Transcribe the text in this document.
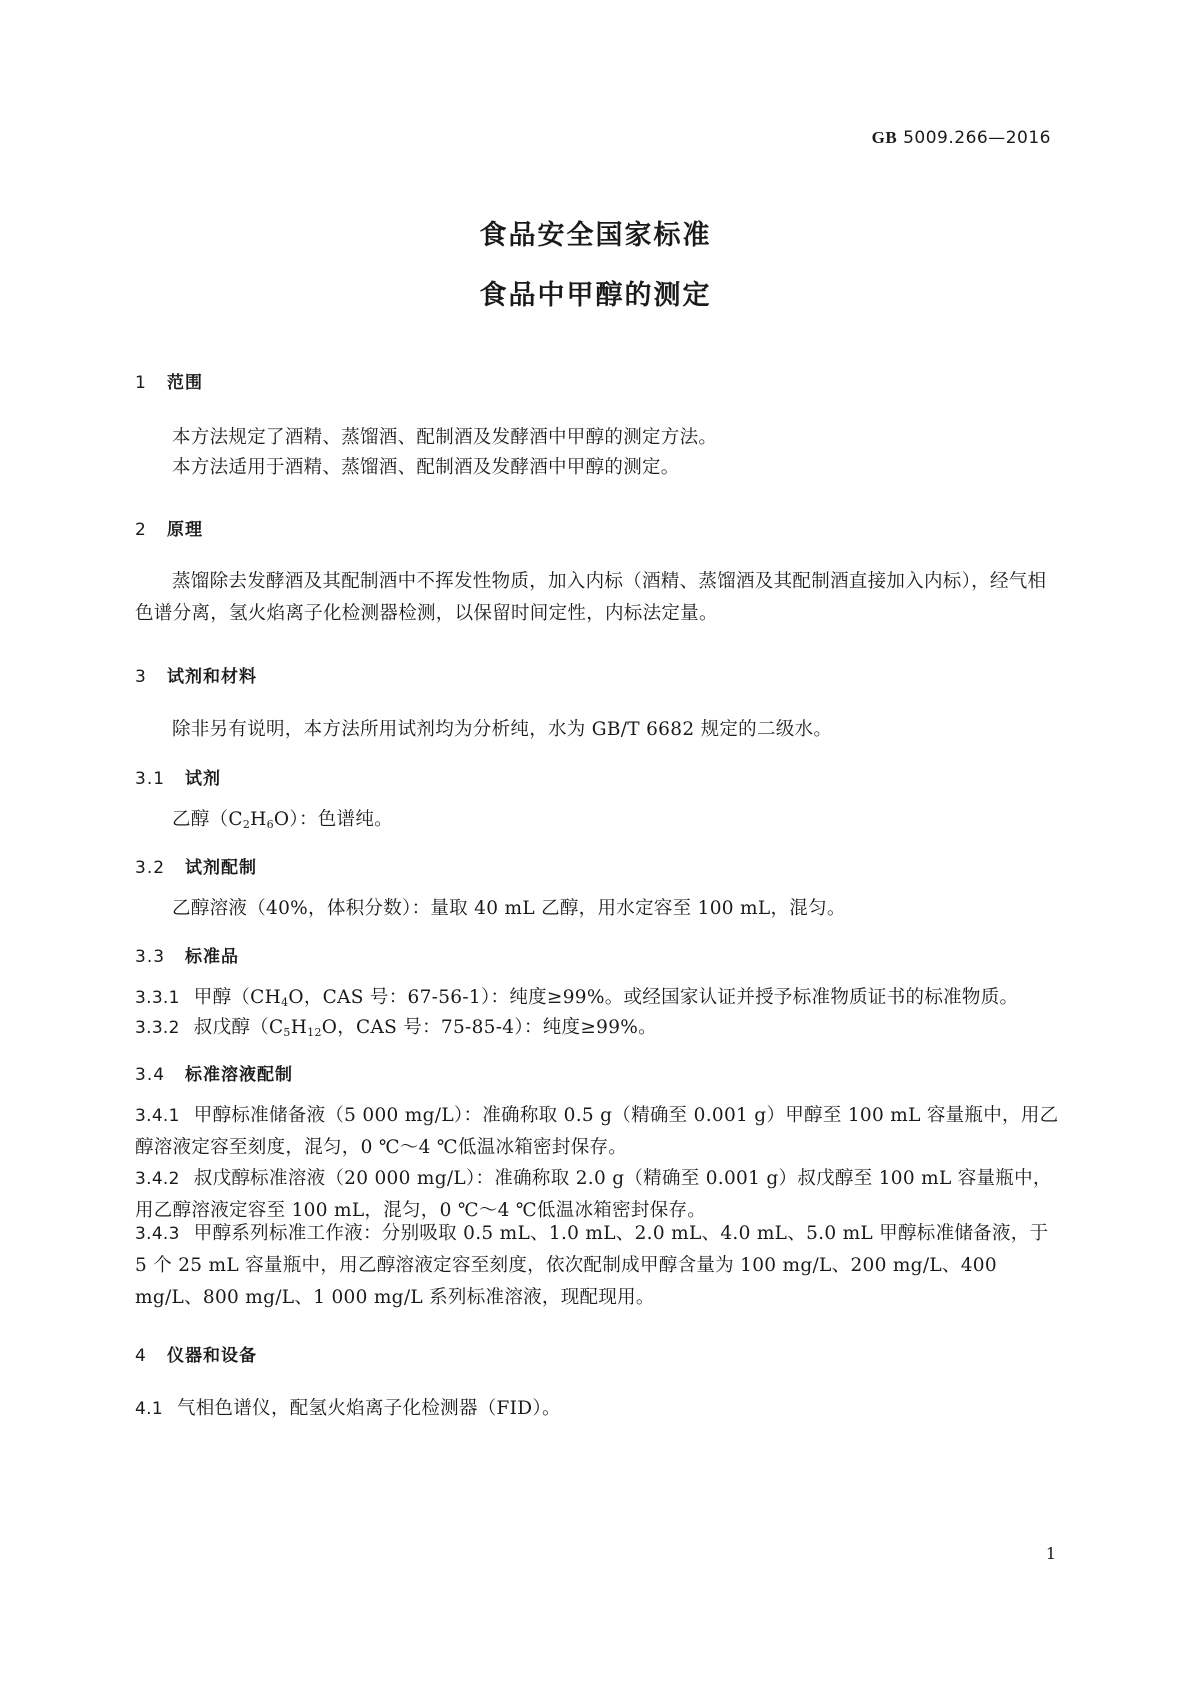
GB 5009.266—2016
食品安全国家标准
食品中甲醇的测定
1 范围
本方法规定了酒精、蒸馏酒、配制酒及发酵酒中甲醇的测定方法。
本方法适用于酒精、蒸馏酒、配制酒及发酵酒中甲醇的测定。
2 原理
蒸馏除去发酵酒及其配制酒中不挥发性物质，加入内标（酒精、蒸馏酒及其配制酒直接加入内标），经气相色谱分离，氢火焰离子化检测器检测，以保留时间定性，内标法定量。
3 试剂和材料
除非另有说明，本方法所用试剂均为分析纯，水为 GB/T 6682 规定的二级水。
3.1 试剂
乙醇$(C_2H_6O)$：色谱纯。
3.2 试剂配制
乙醇溶液（40%，体积分数）：量取 40 mL 乙醇，用水定容至 100 mL，混匀。
3.3 标准品
3.3.1 甲醇（$CH_4O$，CAS 号：67-56-1）：纯度≥99%。或经国家认证并授予标准物质证书的标准物质。
3.3.2 叔戊醇（$C_5H_{12}O$，CAS 号：75-85-4）：纯度≥99%。
3.4 标准溶液配制
3.4.1 甲醇标准储备液（5 000 mg/L）：准确称取 0.5 g（精确至 0.001 g）甲醇至 100 mL 容量瓶中，用乙醇溶液定容至刻度，混匀，0 ℃～4 ℃低温冰箱密封保存。
3.4.2 叔戊醇标准溶液（20 000 mg/L）：准确称取 2.0 g（精确至 0.001 g）叔戊醇至 100 mL 容量瓶中，用乙醇溶液定容至 100 mL，混匀，0 ℃～4 ℃低温冰箱密封保存。
3.4.3 甲醇系列标准工作液：分别吸取 0.5 mL、1.0 mL、2.0 mL、4.0 mL、5.0 mL 甲醇标准储备液，于 5 个 25 mL 容量瓶中，用乙醇溶液定容至刻度，依次配制成甲醇含量为 100 mg/L、200 mg/L、400 mg/L、800 mg/L、1 000 mg/L 系列标准溶液，现配现用。
4 仪器和设备
4.1 气相色谱仪，配氢火焰离子化检测器（FID）。
1
